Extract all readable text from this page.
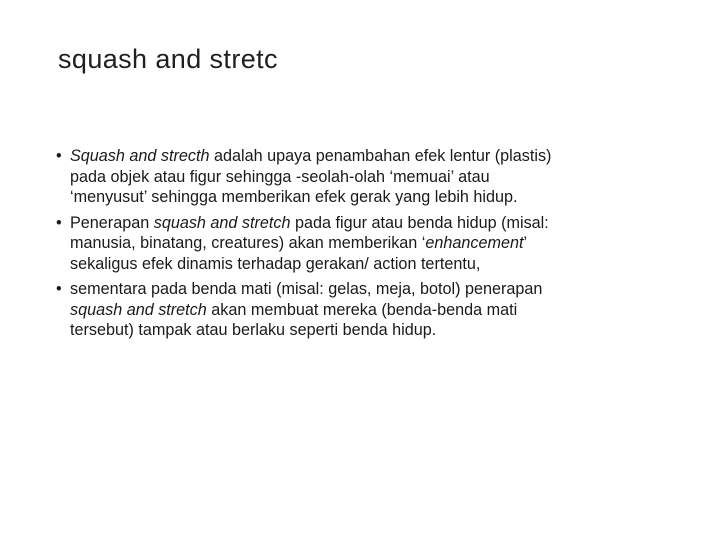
squash and stretc
• Squash and strecth adalah upaya penambahan efek lentur (plastis)
pada objek atau figur sehingga -seolah-olah ‘memuai’ atau
‘menyusut’ sehingga memberikan efek gerak yang lebih hidup.
• Penerapan squash and stretch pada figur atau benda hidup (misal:
manusia, binatang, creatures) akan memberikan ‘enhancement’
sekaligus efek dinamis terhadap gerakan/ action tertentu,
• sementara pada benda mati (misal: gelas, meja, botol) penerapan
squash and stretch akan membuat mereka (benda-benda mati
tersebut) tampak atau berlaku seperti benda hidup.
